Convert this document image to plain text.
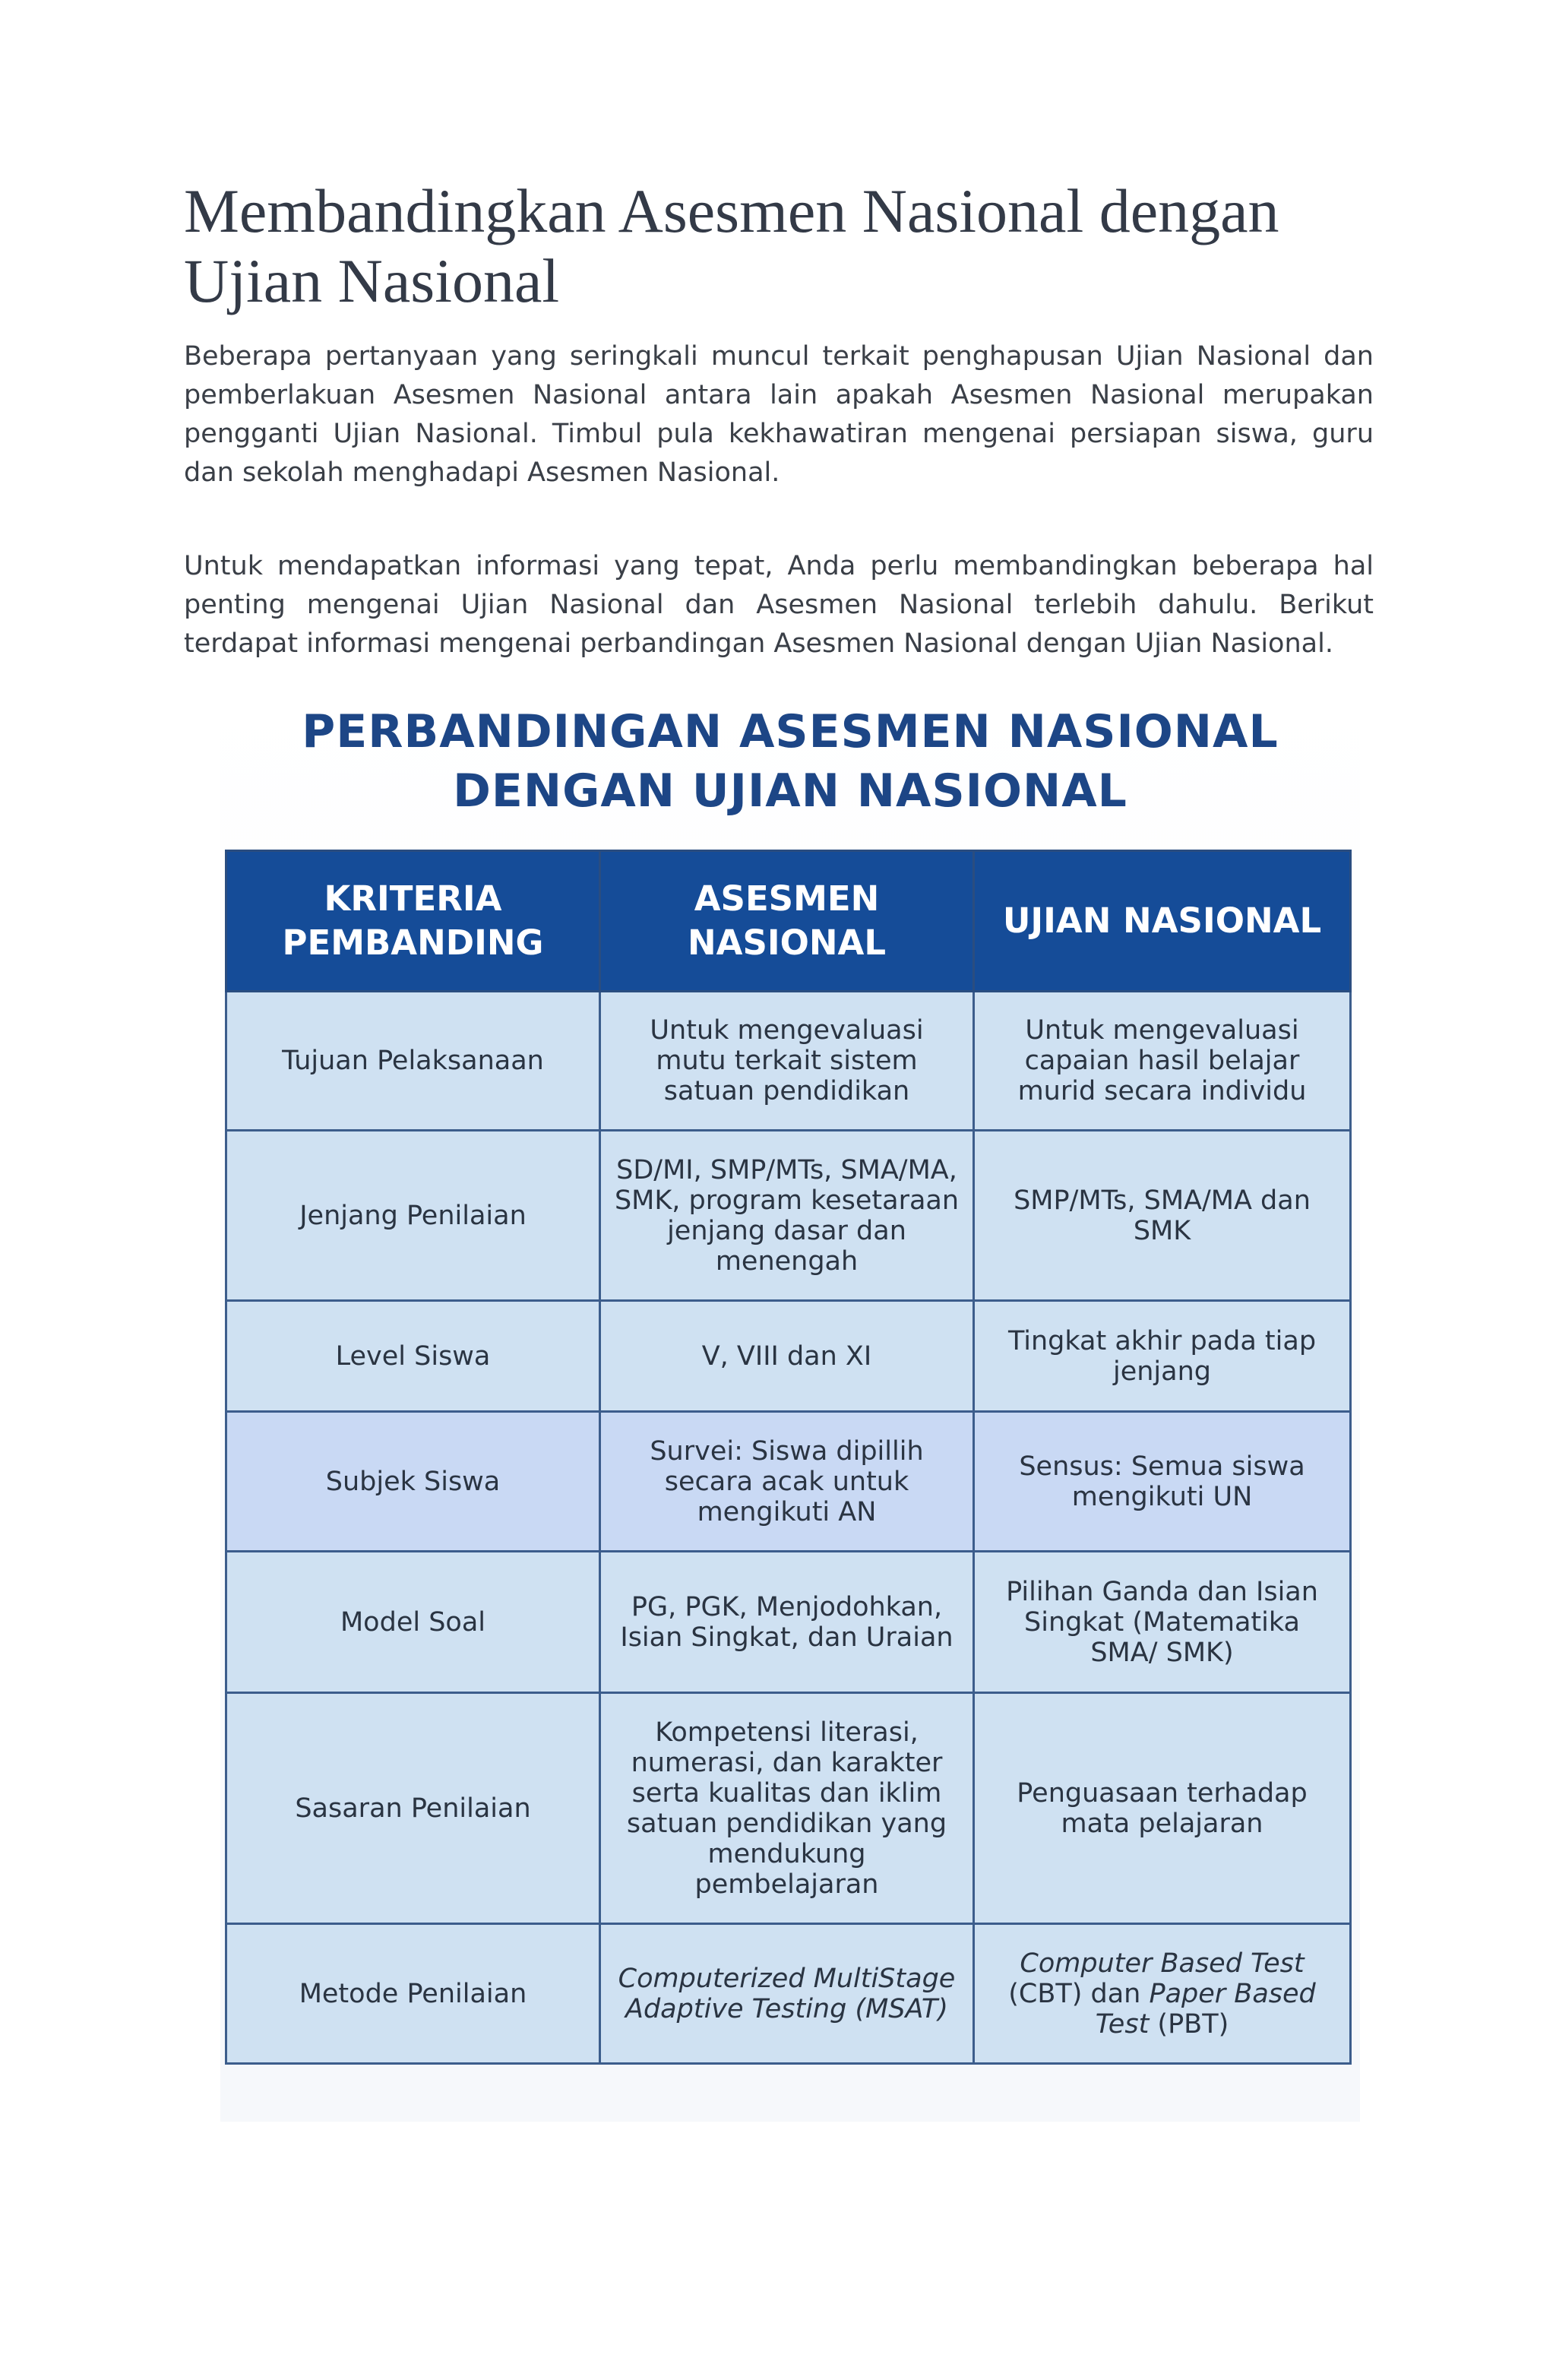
Membandingkan Asesmen Nasional dengan Ujian Nasional

Beberapa pertanyaan yang seringkali muncul terkait penghapusan Ujian Nasional dan pemberlakuan Asesmen Nasional antara lain apakah Asesmen Nasional merupakan pengganti Ujian Nasional. Timbul pula kekhawatiran mengenai persiapan siswa, guru dan sekolah menghadapi Asesmen Nasional.

Untuk mendapatkan informasi yang tepat, Anda perlu membandingkan beberapa hal penting mengenai Ujian Nasional dan Asesmen Nasional terlebih dahulu. Berikut terdapat informasi mengenai perbandingan Asesmen Nasional dengan Ujian Nasional.

PERBANDINGAN ASESMEN NASIONAL
DENGAN UJIAN NASIONAL
KRITERIA PEMBANDING	ASESMEN NASIONAL	UJIAN NASIONAL
Tujuan Pelaksanaan	Untuk mengevaluasi mutu terkait sistem satuan pendidikan	Untuk mengevaluasi capaian hasil belajar murid secara individu
Jenjang Penilaian	SD/MI, SMP/MTs, SMA/MA, SMK, program kesetaraan jenjang dasar dan menengah	SMP/MTs, SMA/MA dan SMK
Level Siswa	V, VIII dan XI	Tingkat akhir pada tiap jenjang
Subjek Siswa	Survei: Siswa dipillih secara acak untuk mengikuti AN	Sensus: Semua siswa mengikuti UN
Model Soal	PG, PGK, Menjodohkan, Isian Singkat, dan Uraian	Pilihan Ganda dan Isian Singkat (Matematika SMA/ SMK)
Sasaran Penilaian	Kompetensi literasi, numerasi, dan karakter serta kualitas dan iklim satuan pendidikan yang mendukung pembelajaran	Penguasaan terhadap mata pelajaran
Metode Penilaian	Computerized MultiStage Adaptive Testing (MSAT)	Computer Based Test (CBT) dan Paper Based Test (PBT)
